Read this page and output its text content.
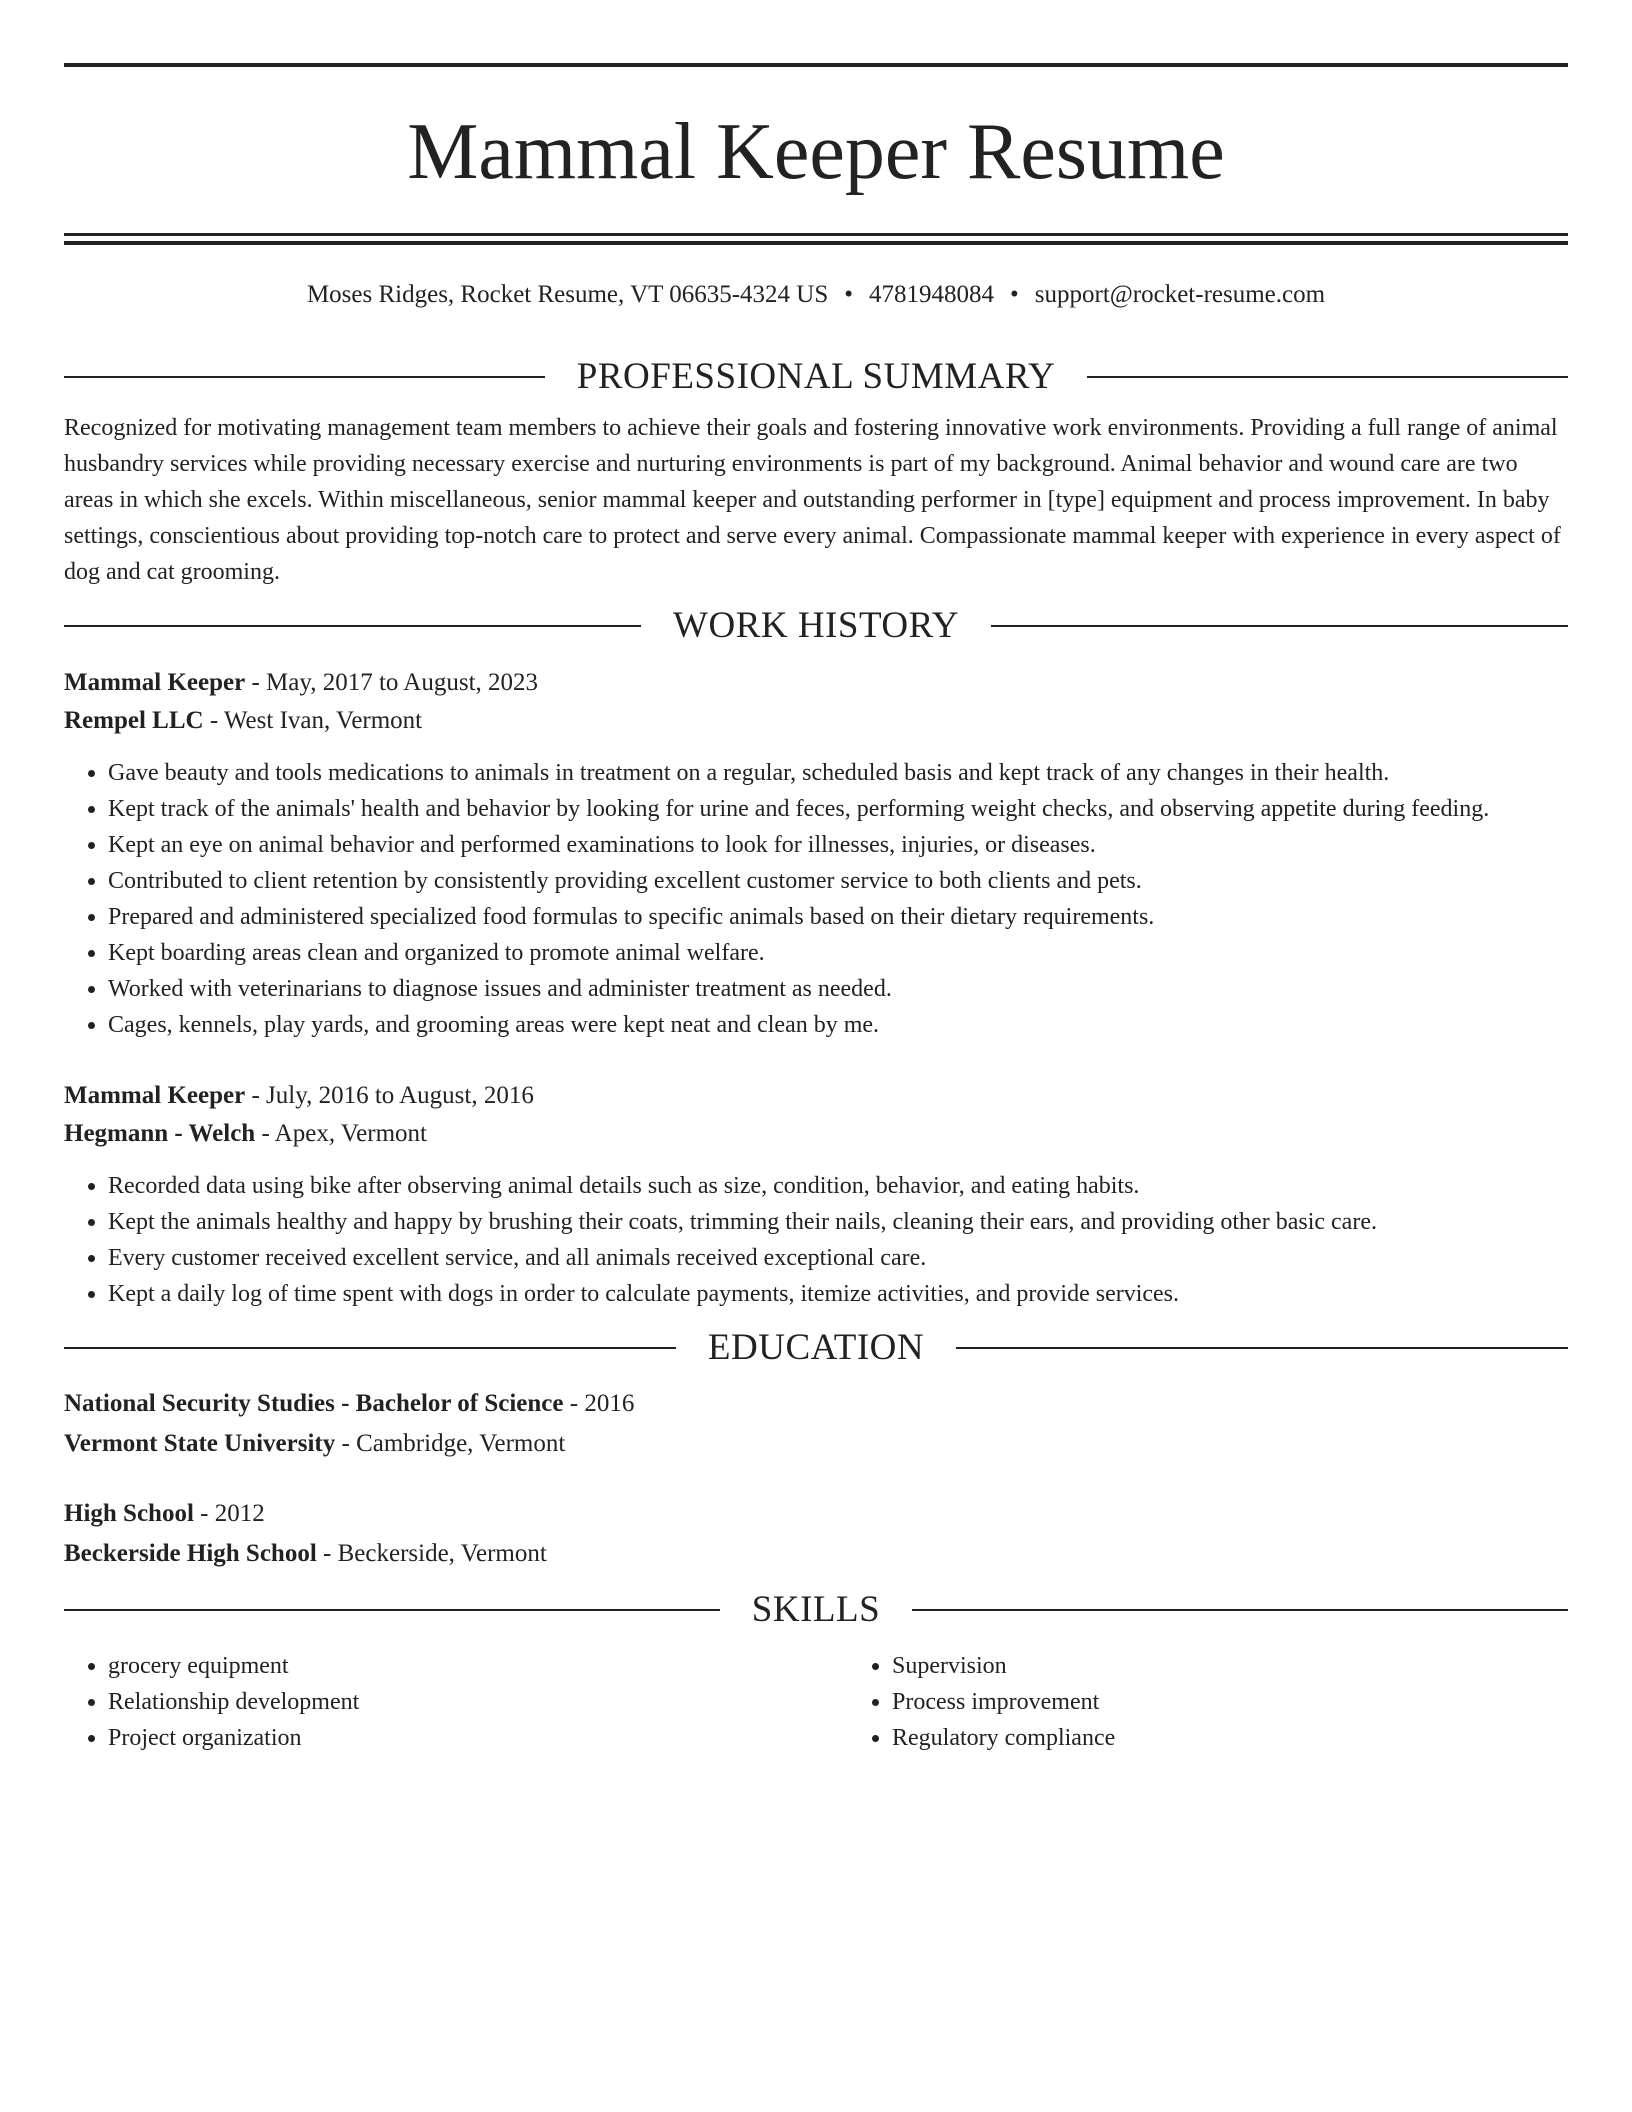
Mammal Keeper Resume
Moses Ridges, Rocket Resume, VT 06635-4324 US • 4781948084 • support@rocket-resume.com
PROFESSIONAL SUMMARY

Recognized for motivating management team members to achieve their goals and fostering innovative work environments. Providing a full range of animal husbandry services while providing necessary exercise and nurturing environments is part of my background. Animal behavior and wound care are two areas in which she excels. Within miscellaneous, senior mammal keeper and outstanding performer in [type] equipment and process improvement. In baby settings, conscientious about providing top-notch care to protect and serve every animal. Compassionate mammal keeper with experience in every aspect of dog and cat grooming.

WORK HISTORY
Mammal Keeper - May, 2017 to August, 2023
Rempel LLC - West Ivan, Vermont
• Gave beauty and tools medications to animals in treatment on a regular, scheduled basis and kept track of any changes in their health.
• Kept track of the animals' health and behavior by looking for urine and feces, performing weight checks, and observing appetite during feeding.
• Kept an eye on animal behavior and performed examinations to look for illnesses, injuries, or diseases.
• Contributed to client retention by consistently providing excellent customer service to both clients and pets.
• Prepared and administered specialized food formulas to specific animals based on their dietary requirements.
• Kept boarding areas clean and organized to promote animal welfare.
• Worked with veterinarians to diagnose issues and administer treatment as needed.
• Cages, kennels, play yards, and grooming areas were kept neat and clean by me.
Mammal Keeper - July, 2016 to August, 2016
Hegmann - Welch - Apex, Vermont
• Recorded data using bike after observing animal details such as size, condition, behavior, and eating habits.
• Kept the animals healthy and happy by brushing their coats, trimming their nails, cleaning their ears, and providing other basic care.
• Every customer received excellent service, and all animals received exceptional care.
• Kept a daily log of time spent with dogs in order to calculate payments, itemize activities, and provide services.
EDUCATION
National Security Studies - Bachelor of Science - 2016
Vermont State University - Cambridge, Vermont
High School - 2012
Beckerside High School - Beckerside, Vermont
SKILLS
• grocery equipment
• Relationship development
• Project organization
• Supervision
• Process improvement
• Regulatory compliance
